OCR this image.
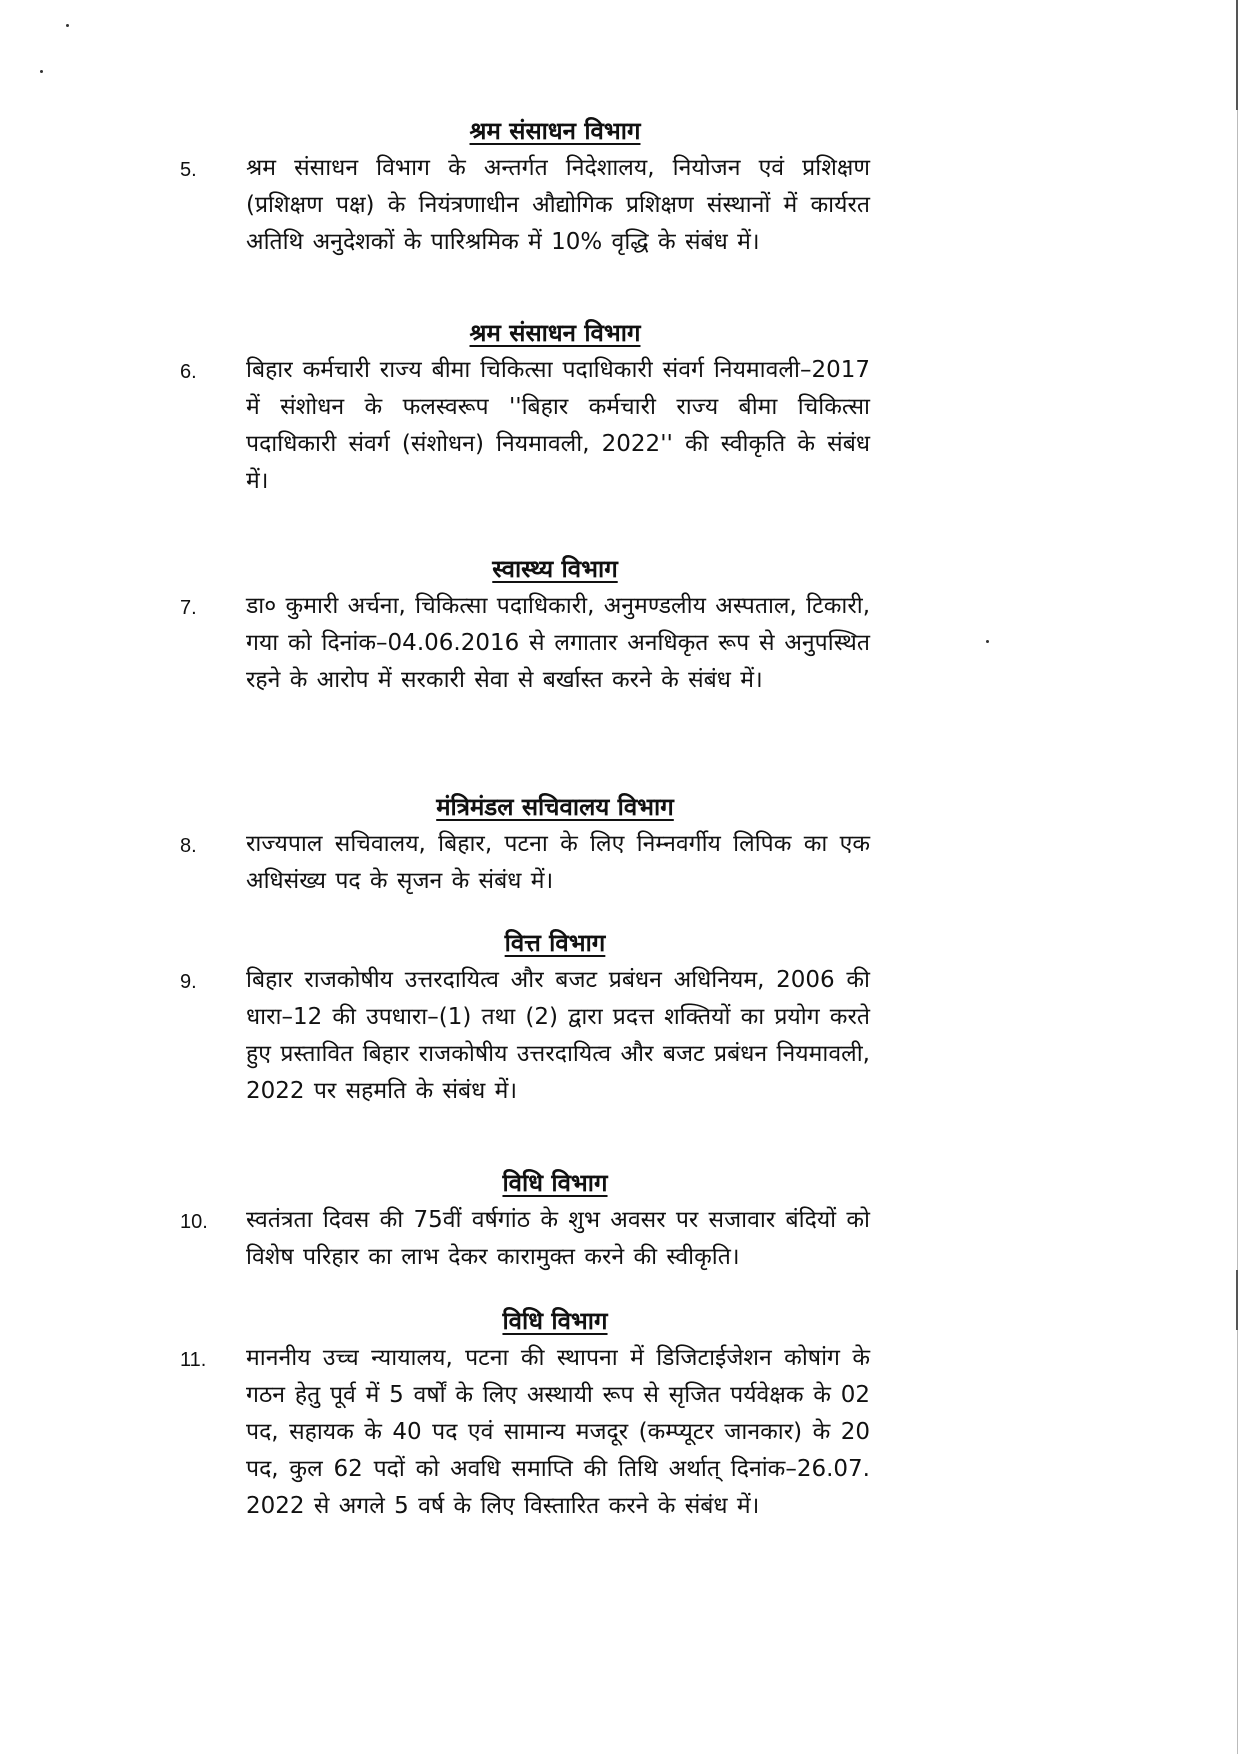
श्रम संसाधन विभाग
5.	श्रम संसाधन विभाग के अन्तर्गत निदेशालय, नियोजन एवं प्रशिक्षण (प्रशिक्षण पक्ष) के नियंत्रणाधीन औद्योगिक प्रशिक्षण संस्थानों में कार्यरत अतिथि अनुदेशकों के पारिश्रमिक में 10% वृद्धि के संबंध में।
श्रम संसाधन विभाग
6.	बिहार कर्मचारी राज्य बीमा चिकित्सा पदाधिकारी संवर्ग नियमावली–2017 में संशोधन के फलस्वरूप ''बिहार कर्मचारी राज्य बीमा चिकित्सा पदाधिकारी संवर्ग (संशोधन) नियमावली, 2022'' की स्वीकृति के संबंध में।
स्वास्थ्य विभाग
7.	डा० कुमारी अर्चना, चिकित्सा पदाधिकारी, अनुमण्डलीय अस्पताल, टिकारी, गया को दिनांक–04.06.2016 से लगातार अनधिकृत रूप से अनुपस्थित रहने के आरोप में सरकारी सेवा से बर्खास्त करने के संबंध में।
मंत्रिमंडल सचिवालय विभाग
8.	राज्यपाल सचिवालय, बिहार, पटना के लिए निम्नवर्गीय लिपिक का एक अधिसंख्य पद के सृजन के संबंध में।
वित्त विभाग
9.	बिहार राजकोषीय उत्तरदायित्व और बजट प्रबंधन अधिनियम, 2006 की धारा–12 की उपधारा–(1) तथा (2) द्वारा प्रदत्त शक्तियों का प्रयोग करते हुए प्रस्तावित बिहार राजकोषीय उत्तरदायित्व और बजट प्रबंधन नियमावली, 2022 पर सहमति के संबंध में।
विधि विभाग
10.	स्वतंत्रता दिवस की 75वीं वर्षगांठ के शुभ अवसर पर सजावार बंदियों को विशेष परिहार का लाभ देकर कारामुक्त करने की स्वीकृति।
विधि विभाग
11.	माननीय उच्च न्यायालय, पटना की स्थापना में डिजिटाईजेशन कोषांग के गठन हेतु पूर्व में 5 वर्षों के लिए अस्थायी रूप से सृजित पर्यवेक्षक के 02 पद, सहायक के 40 पद एवं सामान्य मजदूर (कम्प्यूटर जानकार) के 20 पद, कुल 62 पदों को अवधि समाप्ति की तिथि अर्थात् दिनांक–26.07. 2022 से अगले 5 वर्ष के लिए विस्तारित करने के संबंध में।
